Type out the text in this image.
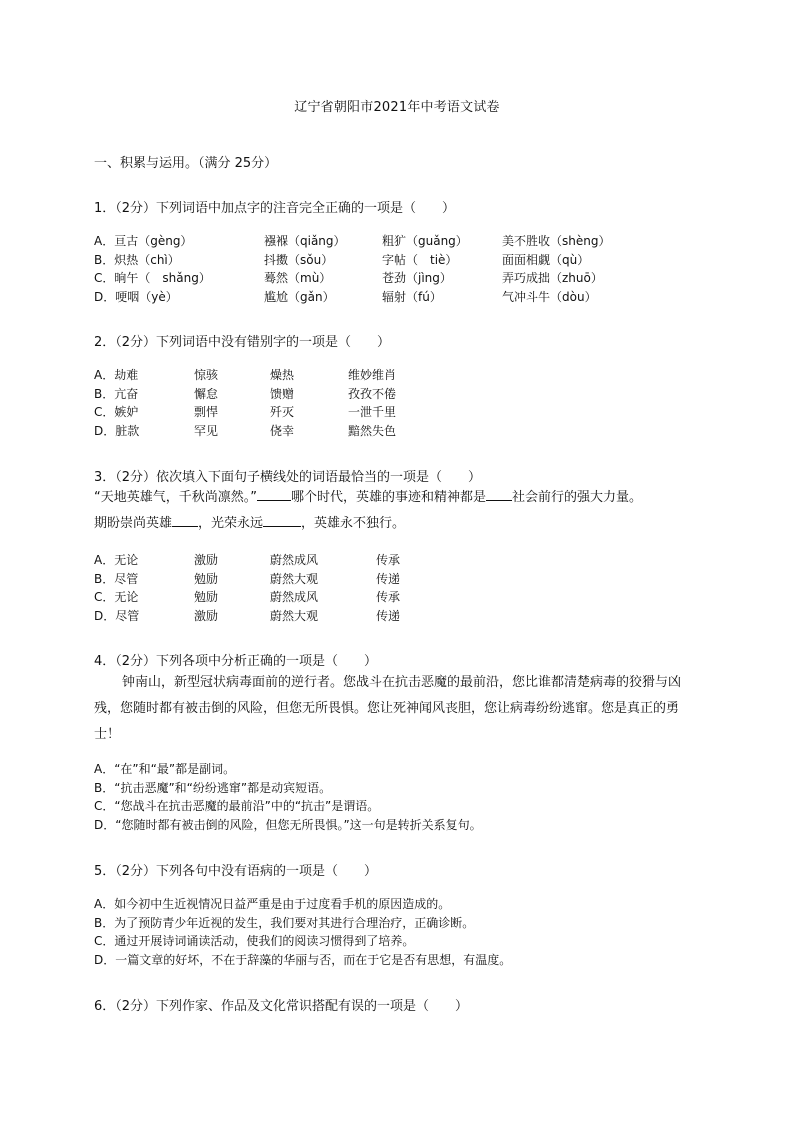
辽宁省朝阳市2021年中考语文试卷
一、积累与运用。（满分 25分）
1．（2分）下列词语中加点字的注音完全正确的一项是（　　）
A．亘古（gèng）	襁褓（qiǎng）	粗犷（guǎng）	美不胜收（shèng）
B．炽热（chì）	抖擞（sǒu）	字帖（　tiè）	面面相觑（qù）
C．晌午（　shǎng）	蓦然（mù）	苍劲（jìng）	弄巧成拙（zhuō）
D．哽咽（yè）	尴尬（gǎn）	辐射（fú）	气冲斗牛（dòu）
2．（2分）下列词语中没有错别字的一项是（　　）
A．劫难	惊骇	燥热	维妙维肖
B．亢奋	懈怠	馈赠	孜孜不倦
C．嫉妒	剽悍	歼灭	一泄千里
D．脏款	罕见	侥幸	黯然失色
3．（2分）依次填入下面句子横线处的词语最恰当的一项是（　　）
“天地英雄气，千秋尚凛然。”	哪个时代，英雄的事迹和精神都是 社会前行的强大力量。
期盼崇尚英雄 ，光荣永远	，英雄永不独行。
A．无论	激励	蔚然成风	传承
B．尽管	勉励	蔚然大观	传递
C．无论	勉励	蔚然成风	传承
D．尽管	激励	蔚然大观	传递
4．（2分）下列各项中分析正确的一项是（　　）
钟南山，新型冠状病毒面前的逆行者。您战斗在抗击恶魔的最前沿，您比谁都清楚病毒的狡猾与凶残，您随时都有被击倒的风险，但您无所畏惧。您让死神闻风丧胆，您让病毒纷纷逃窜。您是真正的勇士！
A．“在”和“最”都是副词。
B．“抗击恶魔”和“纷纷逃窜”都是动宾短语。
C．“您战斗在抗击恶魔的最前沿”中的“抗击”是谓语。
D．“您随时都有被击倒的风险，但您无所畏惧。”这一句是转折关系复句。
5．（2分）下列各句中没有语病的一项是（　　）
A．如今初中生近视情况日益严重是由于过度看手机的原因造成的。
B．为了预防青少年近视的发生，我们要对其进行合理治疗，正确诊断。
C．通过开展诗词诵读活动，使我们的阅读习惯得到了培养。
D．一篇文章的好坏，不在于辞藻的华丽与否，而在于它是否有思想，有温度。
6．（2分）下列作家、作品及文化常识搭配有误的一项是（　　）
